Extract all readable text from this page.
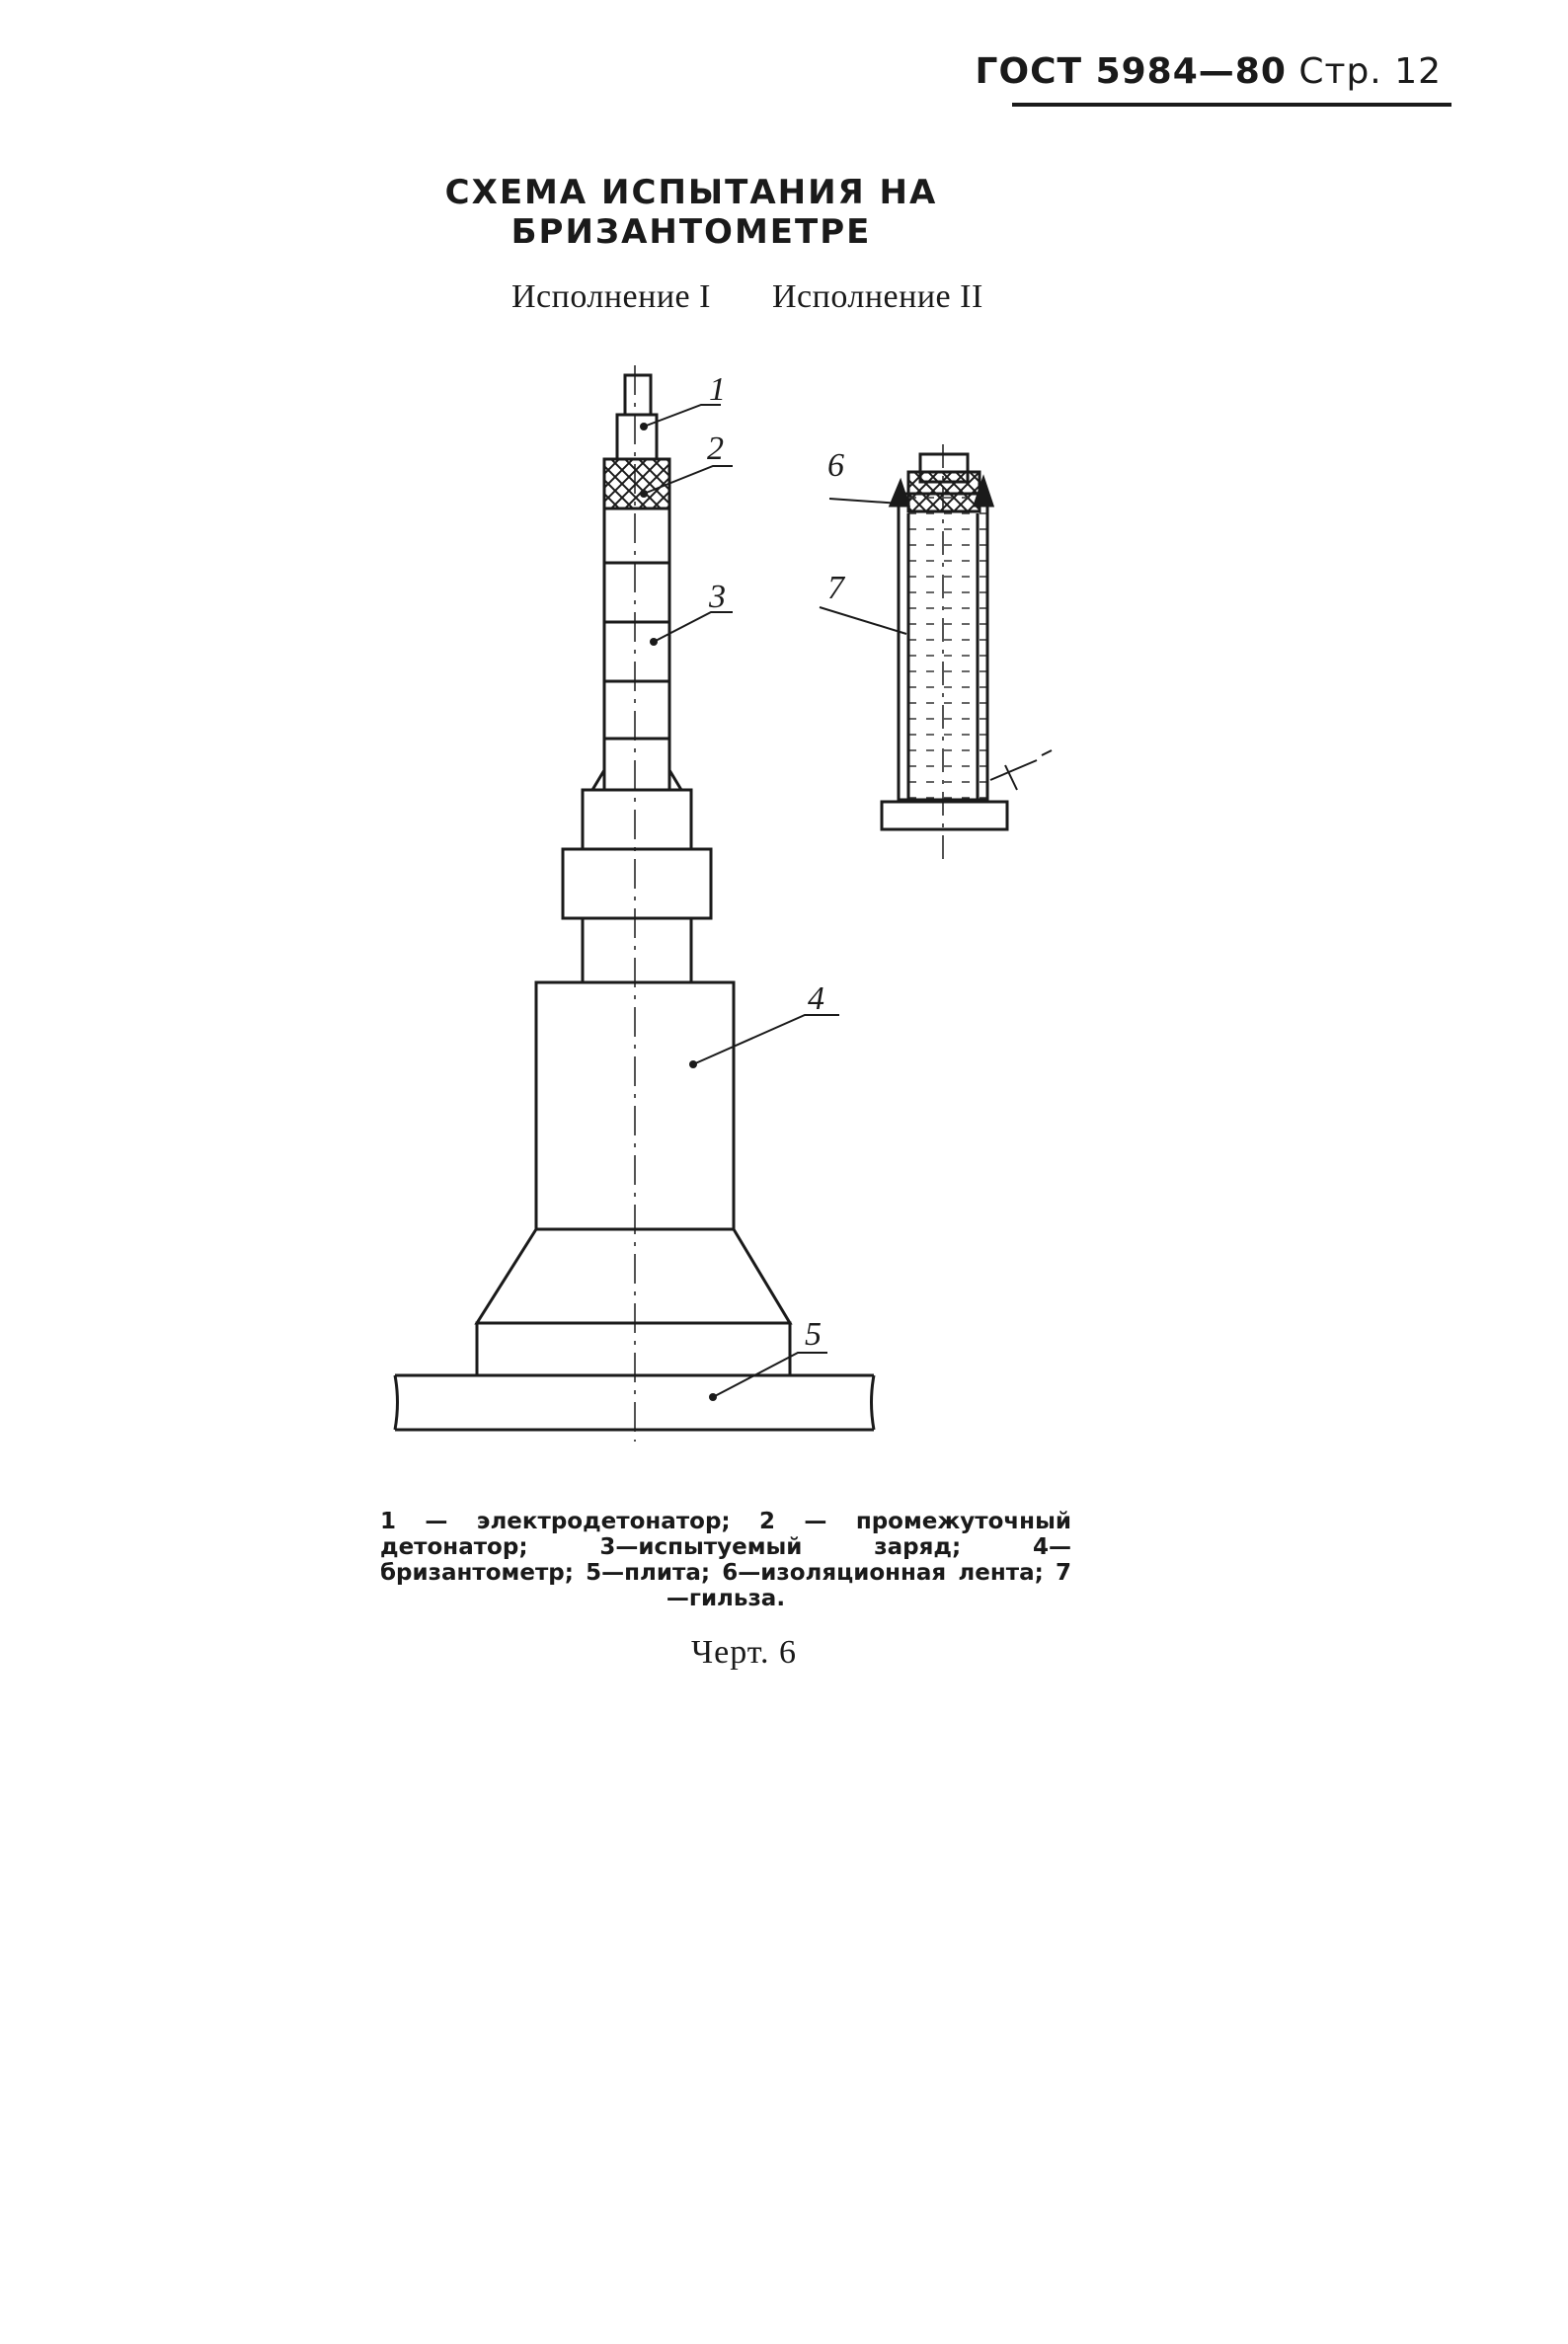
ГОСТ 5984—80 Стр. 12
СХЕМА ИСПЫТАНИЯ НА
БРИЗАНТОМЕТРЕ
Исполнение I Исполнение II
1
2
3
4
5
6
7
1 — электродетонатор; 2 — промежуточный детонатор; 3—испытуемый заряд; 4—бризантометр; 5—плита; 6—изоляционная лента; 7—гильза.
Черт. 6
